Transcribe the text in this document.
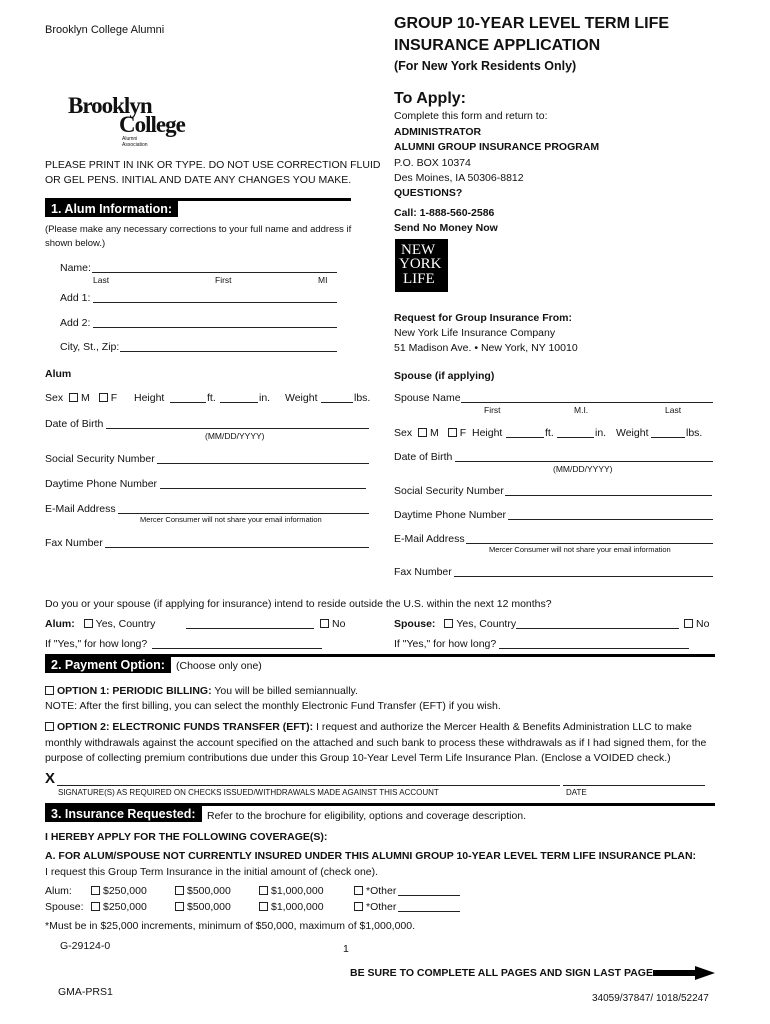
Brooklyn College Alumni	GROUP 10-YEAR LEVEL TERM LIFE
INSURANCE APPLICATION
(For New York Residents Only)
Brooklyn
College
Alumni
Association
PLEASE PRINT IN INK OR TYPE. DO NOT USE CORRECTION FLUID
OR GEL PENS. INITIAL AND DATE ANY CHANGES YOU MAKE.
To Apply:
Complete this form and return to:
ADMINISTRATOR
ALUMNI GROUP INSURANCE PROGRAM
P.O. BOX 10374
Des Moines, IA 50306-8812
QUESTIONS?
Call: 1-888-560-2586
Send No Money Now
NEW
YORK
LIFE
Request for Group Insurance From:
New York Life Insurance Company
51 Madison Ave. • New York, NY 10010
1. Alum Information:
(Please make any necessary corrections to your full name and address if
shown below.)
Name:
Last	First	MI
Add 1:
Add 2:
City, St., Zip:
Alum
Sex M F Height	ft.	in. Weight	lbs.
Date of Birth
(MM/DD/YYYY)
Social Security Number
Daytime Phone Number
E-Mail Address
Mercer Consumer will not share your email information
Fax Number
Spouse (if applying)
Spouse Name
First	M.I.	Last
Sex M F Height	ft.	in. Weight	lbs.
Date of Birth
(MM/DD/YYYY)
Social Security Number
Daytime Phone Number
E-Mail Address
Mercer Consumer will not share your email information
Fax Number
Do you or your spouse (if applying for insurance) intend to reside outside the U.S. within the next 12 months?
Alum: Yes, Country	No
If "Yes," for how long?
Spouse: Yes, Country	No
If "Yes," for how long?
2. Payment Option:	(Choose only one)
OPTION 1: PERIODIC BILLING: You will be billed semiannually.
NOTE: After the first billing, you can select the monthly Electronic Fund Transfer (EFT) if you wish.
OPTION 2: ELECTRONIC FUNDS TRANSFER (EFT): I request and authorize the Mercer Health & Benefits Administration LLC to make
monthly withdrawals against the account specified on the attached and such bank to process these withdrawals as if I had signed them, for the
purpose of collecting premium contributions due under this Group 10-Year Level Term Life Insurance Plan. (Enclose a VOIDED check.)
X
SIGNATURE(S) AS REQUIRED ON CHECKS ISSUED/WITHDRAWALS MADE AGAINST THIS ACCOUNT	DATE
3. Insurance Requested:	Refer to the brochure for eligibility, options and coverage description.
I HEREBY APPLY FOR THE FOLLOWING COVERAGE(S):
A. FOR ALUM/SPOUSE NOT CURRENTLY INSURED UNDER THIS ALUMNI GROUP 10-YEAR LEVEL TERM LIFE INSURANCE PLAN:
I request this Group Term Insurance in the initial amount of (check one).
Alum:	$250,000	$500,000	$1,000,000	*Other
Spouse:	$250,000	$500,000	$1,000,000	*Other
*Must be in $25,000 increments, minimum of $50,000, maximum of $1,000,000.
G-29124-0	1
BE SURE TO COMPLETE ALL PAGES AND SIGN LAST PAGE
GMA-PRS1
34059/37847/ 1018/52247
